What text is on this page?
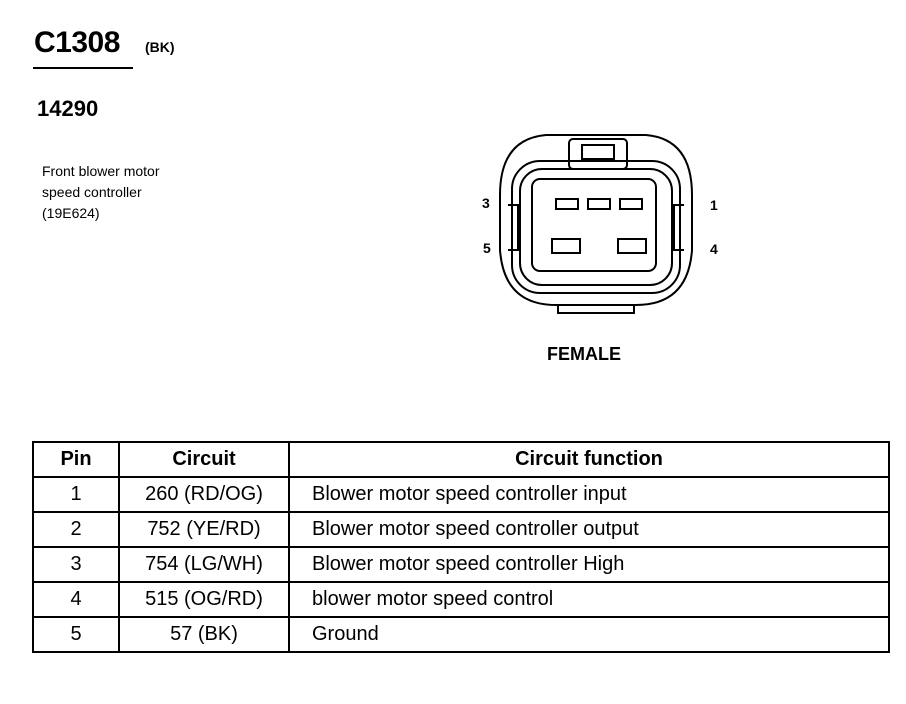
C1308 (BK)
14290
Front blower motor
speed controller
(19E624)
3	1
5	4
FEMALE
Pin	Circuit	Circuit function
1	260 (RD/OG)	Blower motor speed controller input
2	752 (YE/RD)	Blower motor speed controller output
3	754 (LG/WH)	Blower motor speed controller High
4	515 (OG/RD)	blower motor speed control
5	57 (BK)	Ground
